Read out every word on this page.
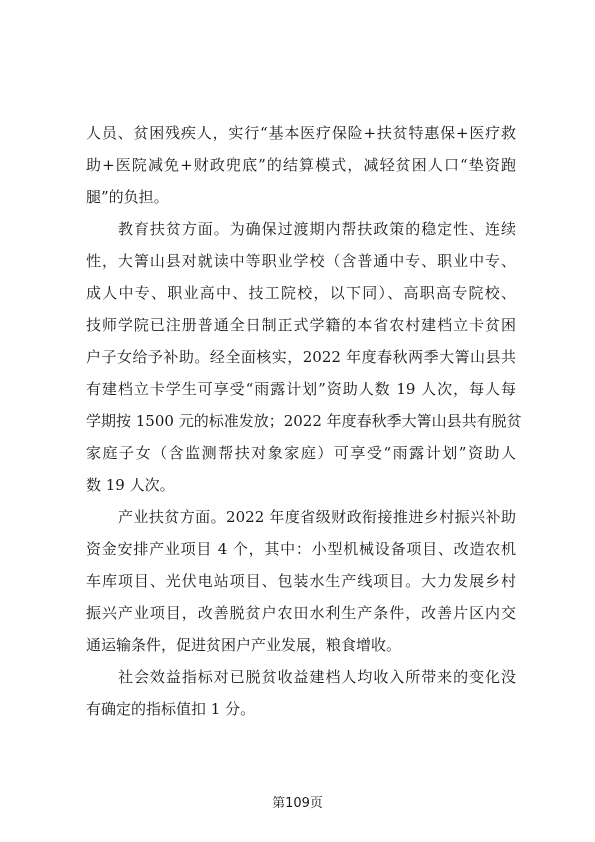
人员、贫困残疾人，实行“基本医疗保险+扶贫特惠保+医疗救
助+医院减免+财政兜底”的结算模式，减轻贫困人口“垫资跑
腿”的负担。
教育扶贫方面。为确保过渡期内帮扶政策的稳定性、连续
性，大箐山县对就读中等职业学校（含普通中专、职业中专、
成人中专、职业高中、技工院校，以下同）、高职高专院校、
技师学院已注册普通全日制正式学籍的本省农村建档立卡贫困
户子女给予补助。经全面核实，2022 年度春秋两季大箐山县共
有建档立卡学生可享受“雨露计划”资助人数 19 人次，每人每
学期按 1500 元的标准发放；2022 年度春秋季大箐山县共有脱贫
家庭子女（含监测帮扶对象家庭）可享受“雨露计划”资助人
数 19 人次。
产业扶贫方面。2022 年度省级财政衔接推进乡村振兴补助
资金安排产业项目 4 个，其中：小型机械设备项目、改造农机
车库项目、光伏电站项目、包装水生产线项目。大力发展乡村
振兴产业项目，改善脱贫户农田水利生产条件，改善片区内交
通运输条件，促进贫困户产业发展，粮食增收。
社会效益指标对已脱贫收益建档人均收入所带来的变化没
有确定的指标值扣 1 分。
第109页
